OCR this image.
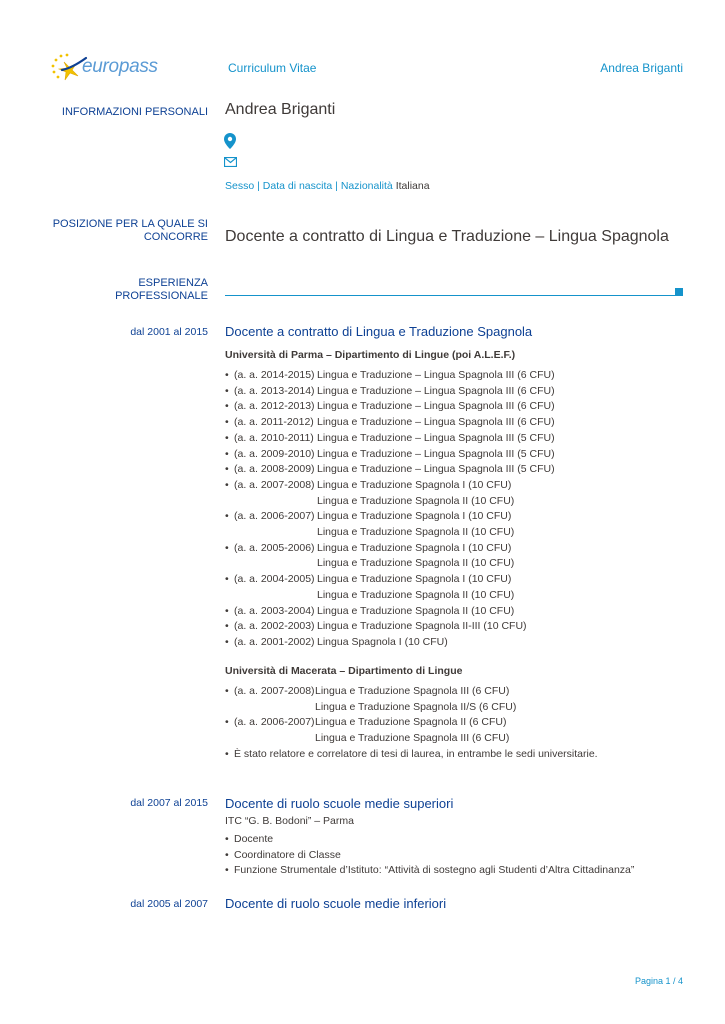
europass	Curriculum Vitae	Andrea Briganti
INFORMAZIONI PERSONALI Andrea Briganti
Sesso | Data di nascita | Nazionalità Italiana
POSIZIONE PER LA QUALE SI
CONCORRE Docente a contratto di Lingua e Traduzione – Lingua Spagnola
ESPERIENZA
PROFESSIONALE
dal 2001 al 2015 Docente a contratto di Lingua e Traduzione Spagnola
Università di Parma – Dipartimento di Lingue (poi A.L.E.F.)
• (a. a. 2014-2015) Lingua e Traduzione – Lingua Spagnola III (6 CFU)
• (a. a. 2013-2014) Lingua e Traduzione – Lingua Spagnola III (6 CFU)
• (a. a. 2012-2013) Lingua e Traduzione – Lingua Spagnola III (6 CFU)
• (a. a. 2011-2012) Lingua e Traduzione – Lingua Spagnola III (6 CFU)
• (a. a. 2010-2011) Lingua e Traduzione – Lingua Spagnola III (5 CFU)
• (a. a. 2009-2010) Lingua e Traduzione – Lingua Spagnola III (5 CFU)
• (a. a. 2008-2009) Lingua e Traduzione – Lingua Spagnola III (5 CFU)
• (a. a. 2007-2008) Lingua e Traduzione Spagnola I (10 CFU)
Lingua e Traduzione Spagnola II (10 CFU)
• (a. a. 2006-2007) Lingua e Traduzione Spagnola I (10 CFU)
Lingua e Traduzione Spagnola II (10 CFU)
• (a. a. 2005-2006) Lingua e Traduzione Spagnola I (10 CFU)
Lingua e Traduzione Spagnola II (10 CFU)
• (a. a. 2004-2005) Lingua e Traduzione Spagnola I (10 CFU)
Lingua e Traduzione Spagnola II (10 CFU)
• (a. a. 2003-2004) Lingua e Traduzione Spagnola II (10 CFU)
• (a. a. 2002-2003) Lingua e Traduzione Spagnola II-III (10 CFU)
• (a. a. 2001-2002) Lingua Spagnola I (10 CFU)
Università di Macerata – Dipartimento di Lingue
• (a. a. 2007-2008)Lingua e Traduzione Spagnola III (6 CFU)
Lingua e Traduzione Spagnola II/S (6 CFU)
• (a. a. 2006-2007)Lingua e Traduzione Spagnola II (6 CFU)
Lingua e Traduzione Spagnola III (6 CFU)
• È stato relatore e correlatore di tesi di laurea, in entrambe le sedi universitarie.
dal 2007 al 2015 Docente di ruolo scuole medie superiori
ITC “G. B. Bodoni” – Parma
• Docente
• Coordinatore di Classe
• Funzione Strumentale d’Istituto: “Attività di sostegno agli Studenti d’Altra Cittadinanza”
dal 2005 al 2007 Docente di ruolo scuole medie inferiori
Pagina 1 / 4
